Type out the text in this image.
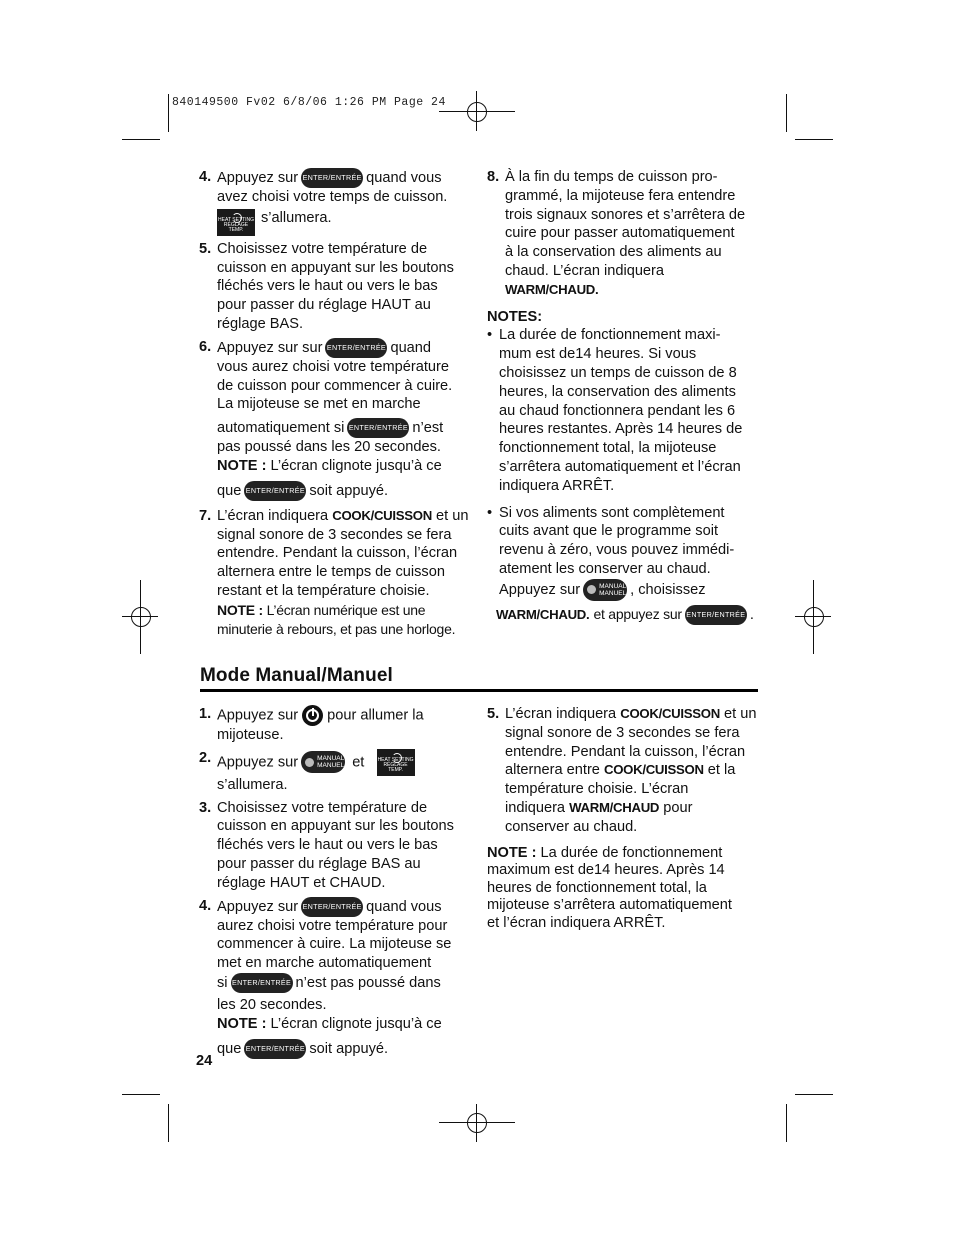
840149500 Fv02 6/8/06 1:26 PM Page 24
4. Appuyez sur ENTER/ENTRÉE quand vous
avez choisi votre temps de cuisson.
HEAT SETTING
RÉGLAGE TEMP.
s’allumera.
5. Choisissez votre température de
cuisson en appuyant sur les boutons
fléchés vers le haut ou vers le bas
pour passer du réglage HAUT au
réglage BAS.
6. Appuyez sur sur ENTER/ENTRÉE quand
vous aurez choisi votre température
de cuisson pour commencer à cuire.
La mijoteuse se met en marche
automatiquement si ENTER/ENTRÉE n’est
pas poussé dans les 20 secondes.
NOTE : L’écran clignote jusqu’à ce
que ENTER/ENTRÉE soit appuyé.
7. L’écran indiquera COOK/CUISSON et un
signal sonore de 3 secondes se fera
entendre. Pendant la cuisson, l’écran
alternera entre le temps de cuisson
restant et la température choisie.
NOTE : L’écran numérique est une
minuterie à rebours, et pas une horloge.
8. À la fin du temps de cuisson pro-
grammé, la mijoteuse fera entendre
trois signaux sonores et s’arrêtera de
cuire pour passer automatiquement
à la conservation des aliments au
chaud. L’écran indiquera
WARM/CHAUD.
NOTES:
• La durée de fonctionnement maxi-
mum est de14 heures. Si vous
choisissez un temps de cuisson de 8
heures, la conservation des aliments
au chaud fonctionnera pendant les 6
heures restantes. Après 14 heures de
fonctionnement total, la mijoteuse
s’arrêtera automatiquement et l’écran
indiquera ARRÊT.
• Si vos aliments sont complètement
cuits avant que le programme soit
revenu à zéro, vous pouvez immédi-
atement les conserver au chaud.
Appuyez sur	MANUAL
MANUEL , choisissez
WARM/CHAUD. et appuyez sur ENTER/ENTRÉE .
Mode Manual/Manuel
1. Appuyez sur pour allumer la
mijoteuse.
2. Appuyez sur	MANUAL
MANUEL et	HEAT SETTING
RÉGLAGE TEMP.
s’allumera.
3. Choisissez votre température de
cuisson en appuyant sur les boutons
fléchés vers le haut ou vers le bas
pour passer du réglage BAS au
réglage HAUT et CHAUD.
4. Appuyez sur ENTER/ENTRÉE quand vous
aurez choisi votre température pour
commencer à cuire. La mijoteuse se
met en marche automatiquement
si ENTER/ENTRÉE n’est pas poussé dans
les 20 secondes.
NOTE : L’écran clignote jusqu’à ce
que ENTER/ENTRÉE soit appuyé.
5. L’écran indiquera COOK/CUISSON et un
signal sonore de 3 secondes se fera
entendre. Pendant la cuisson, l’écran
alternera entre COOK/CUISSON et la
température choisie. L’écran
indiquera WARM/CHAUD pour
conserver au chaud.
NOTE : La durée de fonctionnement
maximum est de14 heures. Après 14
heures de fonctionnement total, la
mijoteuse s’arrêtera automatiquement
et l’écran indiquera ARRÊT.
24
